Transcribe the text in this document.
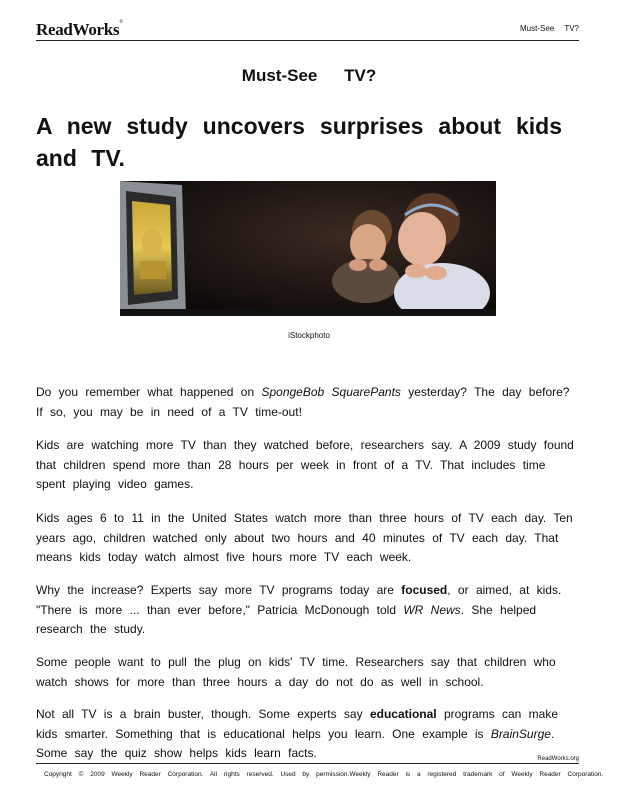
ReadWorks®
Must-See TV?
Must-See TV?
A new study uncovers surprises about kids and TV.
iStockphoto

Do you remember what happened on SpongeBob SquarePants yesterday? The day before? If so, you may be in need of a TV time-out!

Kids are watching more TV than they watched before, researchers say. A 2009 study found that children spend more than 28 hours per week in front of a TV. That includes time spent playing video games.

Kids ages 6 to 11 in the United States watch more than three hours of TV each day. Ten years ago, children watched only about two hours and 40 minutes of TV each day. That means kids today watch almost five hours more TV each week.

Why the increase? Experts say more TV programs today are focused, or aimed, at kids. "There is more ... than ever before," Patricia McDonough told WR News. She helped research the study.

Some people want to pull the plug on kids' TV time. Researchers say that children who watch shows for more than three hours a day do not do as well in school.

Not all TV is a brain buster, though. Some experts say educational programs can make kids smarter. Something that is educational helps you learn. One example is BrainSurge. Some say the quiz show helps kids learn facts.	ReadWorks.org
Copyright © 2009 Weekly Reader Corporation. All rights reserved. Used by permission.Weekly Reader is a registered trademark of Weekly Reader Corporation.
